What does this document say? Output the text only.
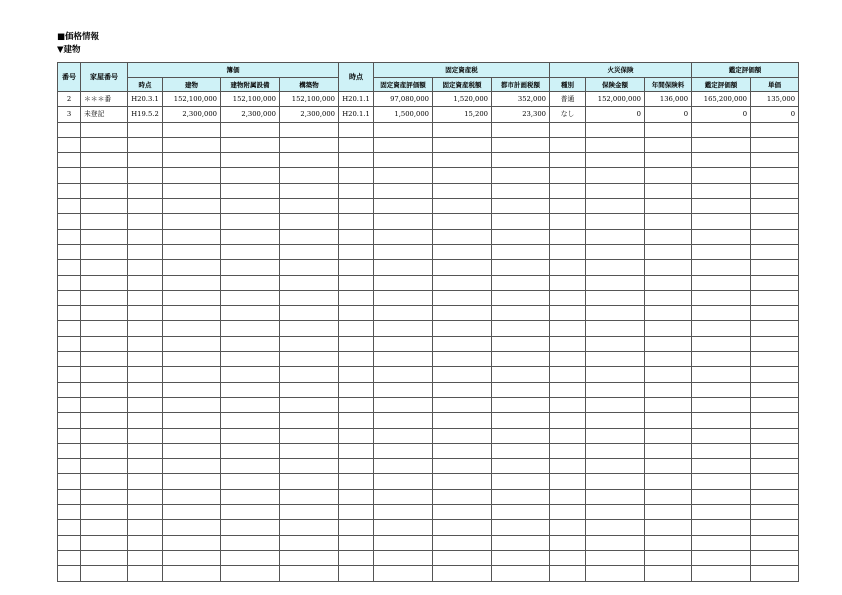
■価格情報
▼建物
番号	家屋番号	簿価				時点	固定資産税			火災保険			鑑定評価額	
		時点	建物	建物附属設備	構築物		固定資産評価額	固定資産税額	都市計画税額	種別	保険金額	年間保険料	鑑定評価額	単価
2	＊＊＊番	H20.3.1	152,100,000	152,100,000	152,100,000	H20.1.1	97,080,000	1,520,000	352,000	普通	152,000,000	136,000	165,200,000	135,000
3	未登記	H19.5.2	2,300,000	2,300,000	2,300,000	H20.1.1	1,500,000	15,200	23,300	なし	0	0	0	0
